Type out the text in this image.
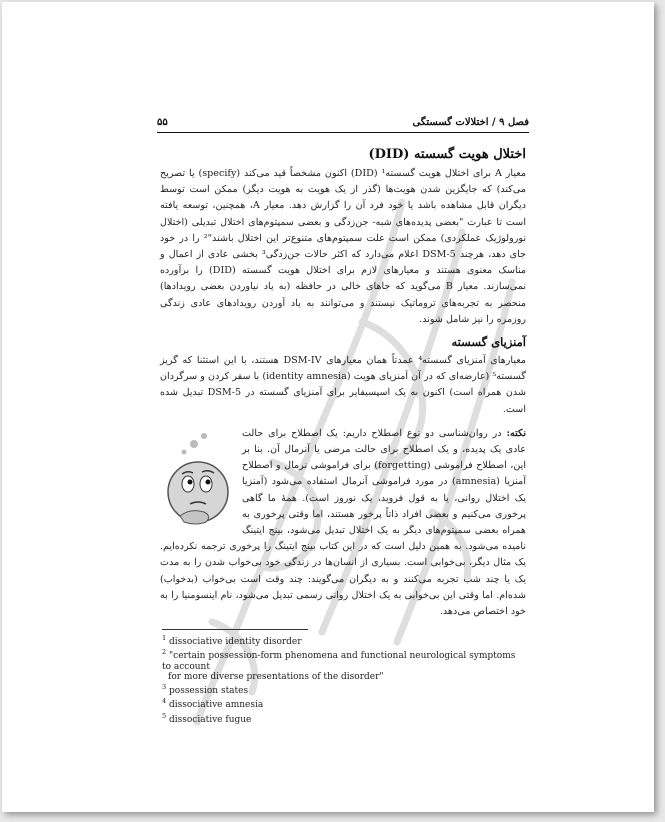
۵۵	فصل ۹ / اختلالات گسستگی
اختلال هویت گسسته (DID)

معیار A برای اختلال هویت گسسته¹ (DID) اکنون مشخصاً قید می‌کند (specify) یا تصریح می‌کند) که جایگزین شدن هویت‌ها (گذر از یک هویت به هویت دیگر) ممکن است توسط دیگران قابل مشاهده باشد یا خود فرد آن را گزارش دهد. معیار A، همچنین، توسعه یافته است تا عبارت "بعضی پدیده‌های شبه- جن‌زدگی و بعضی سمپتوم‌های اختلال تبدیلی (اختلال نورولوژیک عملکردی) ممکن است علت سمپتوم‌های متنوع‌تر این اختلال باشند"² را در خود جای دهد، هرچند DSM-5 اعلام می‌دارد که اکثر حالات جن‌زدگی³ بخشی عادی از اعمال و مناسک معنوی هستند و معیارهای لازم برای اختلال هویت گسسته (DID) را برآورده نمی‌سازند. معیار B می‌گوید که جاهای خالی در حافظه (به یاد نیاوردن بعضی رویدادها) منحصر به تجربه‌های تروماتیک نیستند و می‌توانند به یاد آوردن رویدادهای عادی زندگی روزمره را نیز شامل شوند.

آمنزیای گسسته

معیارهای آمنزیای گسسته⁴ عمدتاً همان معیارهای DSM-IV هستند، با این استثنا که گریز گسسته⁵ (عارضه‌ای که در آن آمنزیای هویت (identity amnesia) با سفر کردن و سرگردان شدن همراه است) اکنون به یک اسپسیفایر برای آمنزیای گسسته در DSM-5 تبدیل شده است.

نکته: در روان‌شناسی دو نوع اصطلاح داریم: یک اصطلاح برای حالت عادی یک پدیده، و یک اصطلاح برای حالت مرضی یا آنرمال آن. بنا بر این، اصطلاح فراموشی (forgetting) برای فراموشی نرمال و اصطلاح آمنزیا (amnesia) در مورد فراموشی آنرمال استفاده می‌شود (آمنزیا یک اختلال روانی، یا به قول فروید، یک نوروز است). همهٔ ما گاهی پرخوری می‌کنیم و بعضی افراد ذاتاً پرخور هستند، اما وقتی پرخوری به همراه بعضی سمپتوم‌های دیگر به یک اختلال تبدیل می‌شود، بینج ایتینگ نامیده می‌شود. به همین دلیل است که در این کتاب بینج ایتینگ را پرخوری ترجمه نکرده‌ایم. یک مثال دیگر، بی‌خوابی است. بسیاری از انسان‌ها در زندگی خود بی‌خواب شدن را به مدت یک یا چند شب تجربه می‌کنند و به دیگران می‌گویند: چند وقت است بی‌خواب (بدخواب) شده‌ام. اما وقتی این بی‌خوابی به یک اختلال روانی رسمی تبدیل می‌شود، نام اینسومنیا را به خود اختصاص می‌دهد.

$^1$ dissociative identity disorder
$^2$ "certain possession-form phenomena and functional neurological symptoms to account
for more diverse presentations of the disorder"
$^3$ possession states
$^4$ dissociative amnesia
$^5$ dissociative fugue
